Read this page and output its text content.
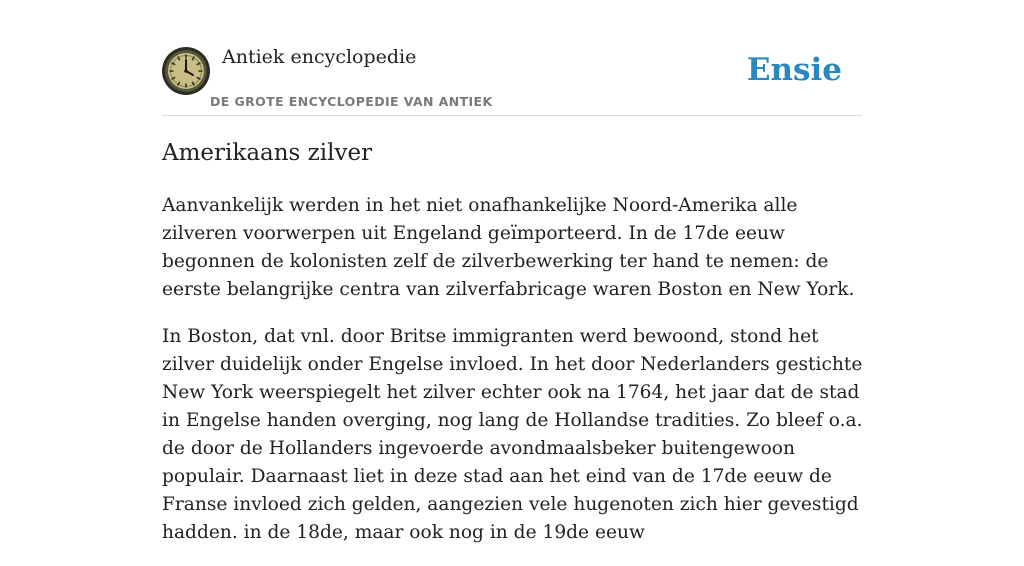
Antiek encyclopedie
DE GROTE ENCYCLOPEDIE VAN ANTIEK
Ensie
Amerikaans zilver

Aanvankelijk werden in het niet onafhankelijke Noord-Amerika alle zilveren voorwerpen uit Engeland geïmporteerd. In de 17de eeuw begonnen de kolonisten zelf de zilverbewerking ter hand te nemen: de eerste belangrijke centra van zilverfabricage waren Boston en New York.

In Boston, dat vnl. door Britse immigranten werd bewoond, stond het zilver duidelijk onder Engelse invloed. In het door Nederlanders gestichte New York weerspiegelt het zilver echter ook na 1764, het jaar dat de stad in Engelse handen overging, nog lang de Hollandse tradities. Zo bleef o.a. de door de Hollanders ingevoerde avondmaalsbeker buitengewoon populair. Daarnaast liet in deze stad aan het eind van de 17de eeuw de Franse invloed zich gelden, aangezien vele hugenoten zich hier gevestigd hadden. in de 18de, maar ook nog in de 19de eeuw
